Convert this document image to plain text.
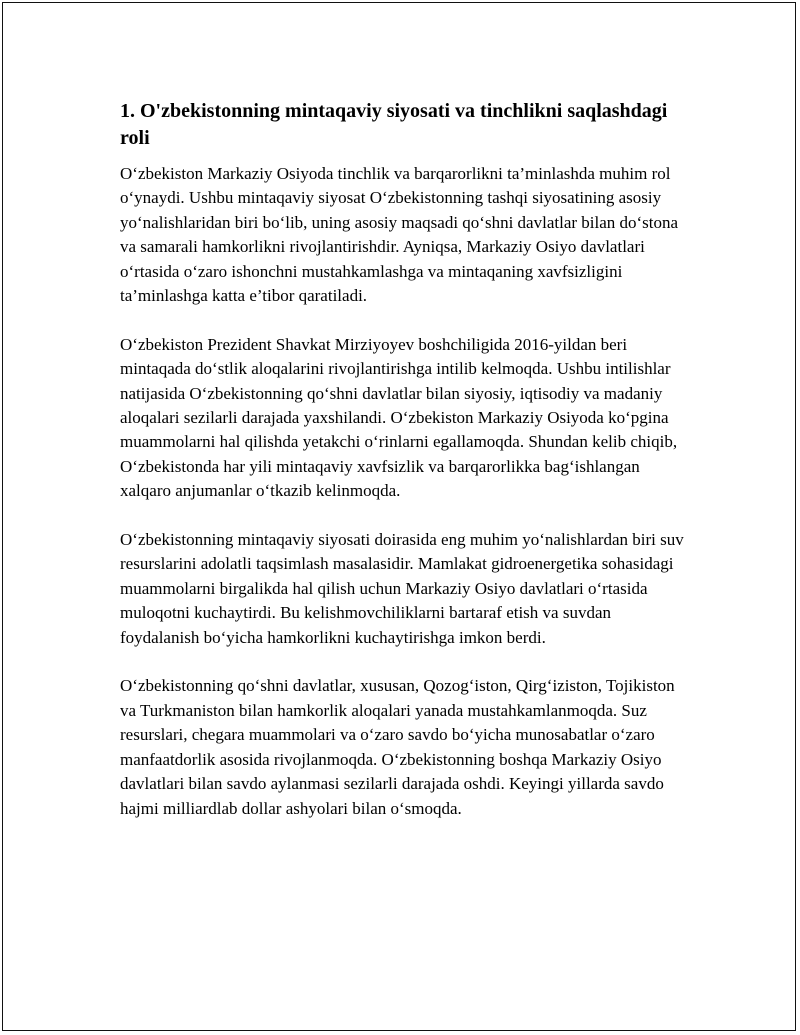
1. O'zbekistonning mintaqaviy siyosati va tinchlikni saqlashdagi roli

O‘zbekiston Markaziy Osiyoda tinchlik va barqarorlikni ta’minlashda muhim rol o‘ynaydi. Ushbu mintaqaviy siyosat O‘zbekistonning tashqi siyosatining asosiy yo‘nalishlaridan biri bo‘lib, uning asosiy maqsadi qo‘shni davlatlar bilan do‘stona va samarali hamkorlikni rivojlantirishdir. Ayniqsa, Markaziy Osiyo davlatlari o‘rtasida o‘zaro ishonchni mustahkamlashga va mintaqaning xavfsizligini ta’minlashga katta e’tibor qaratiladi.

O‘zbekiston Prezident Shavkat Mirziyoyev boshchiligida 2016-yildan beri mintaqada do‘stlik aloqalarini rivojlantirishga intilib kelmoqda. Ushbu intilishlar natijasida O‘zbekistonning qo‘shni davlatlar bilan siyosiy, iqtisodiy va madaniy aloqalari sezilarli darajada yaxshilandi. O‘zbekiston Markaziy Osiyoda ko‘pgina muammolarni hal qilishda yetakchi o‘rinlarni egallamoqda. Shundan kelib chiqib, O‘zbekistonda har yili mintaqaviy xavfsizlik va barqarorlikka bag‘ishlangan xalqaro anjumanlar o‘tkazib kelinmoqda.

O‘zbekistonning mintaqaviy siyosati doirasida eng muhim yo‘nalishlardan biri suv resurslarini adolatli taqsimlash masalasidir. Mamlakat gidroenergetika sohasidagi muammolarni birgalikda hal qilish uchun Markaziy Osiyo davlatlari o‘rtasida muloqotni kuchaytirdi. Bu kelishmovchiliklarni bartaraf etish va suvdan foydalanish bo‘yicha hamkorlikni kuchaytirishga imkon berdi.

O‘zbekistonning qo‘shni davlatlar, xususan, Qozog‘iston, Qirg‘iziston, Tojikiston va Turkmaniston bilan hamkorlik aloqalari yanada mustahkamlanmoqda. Suz resurslari, chegara muammolari va o‘zaro savdo bo‘yicha munosabatlar o‘zaro manfaatdorlik asosida rivojlanmoqda. O‘zbekistonning boshqa Markaziy Osiyo davlatlari bilan savdo aylanmasi sezilarli darajada oshdi. Keyingi yillarda savdo hajmi milliardlab dollar ashyolari bilan o‘smoqda.
